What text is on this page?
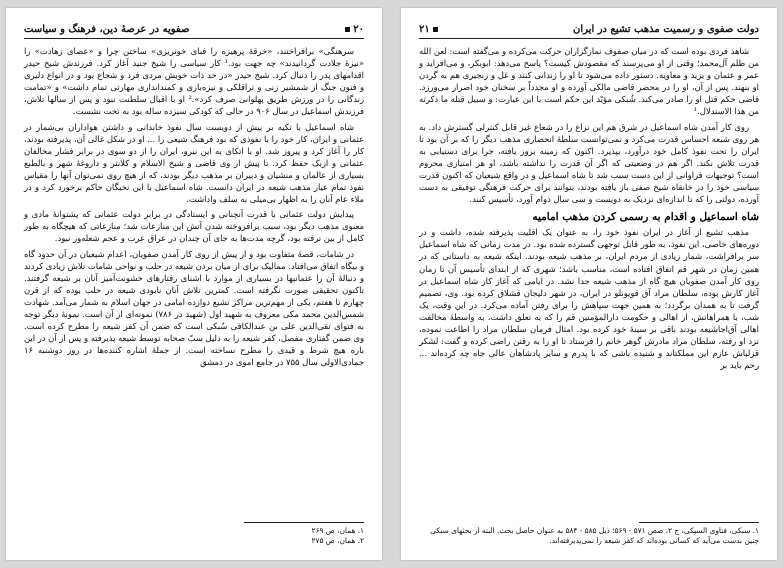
۲۰
صفویه در عرصهٔ دین، فرهنگ و سیاست

سرهنگی» برافراختند، «خرقهٔ پرهیزه را فبای خونریزی» ساختن چرا و «عصای زهادت» را «نیزهٔ جلادت گردانیدند» چه جهت بود.¹ کار سیاسی را شیخ جنید آغاز کرد. فرزندش شیخ حیدر اقدامهای پدر را دنبال کرد. شیخ حیدر «در حد ذات خویش مردی فرد و شجاع بود و در انواع دلیری و فنون جنگ از شمشیر زنی و تراقلکی و نیزه‌بازی و کمندانداری مهارتی تمام داشت» و «تمامت زندگانی را در ورزش طریق پهلوانی صرف کرد».² او با اقبال سلطنت نبود و پس از سالها تلاش، فرزندش اسماعیل در سال ۹۰۶ در حالی که کودکی سیزده ساله بود به تخت نشست.

شاه اسماعیل با تکیه بر بیش از دویست سال نفوذ خاندانی و داشتن هواداران بی‌شمار در عثمانی و ایران، کار خود را با نفوذی که بود فرهنگ شیعی را ... او در شکل غالی آن، پذیرفته بودند، کار را آغاز کرد و پیروز شد. او با اتکای به این نیرو، ایران را از دو سوی در برابر فشار مخالفان عثمانی و ازبک حفظ کرد. تا پیش از وی قاضی و شیخ الاسلام و کلانتر و داروغهٔ شهر و بالطبع بسیاری از عالمان و منشیان و دبیران بر مذهب دیگر بودند، که از هیچ روی نمی‌توان آنها را مقیاس نفوذ تمام عیار مذهب شیعه در ایران دانست. شاه اسماعیل با این نخبگان حاکم برخورد کرد و در ملاء عام آنان را به اظهار بی‌میلی به سلف واداشت.

پیدایش دولت عثمانی با قدرت آنچنانی و ایستادگی در برابر دولت عثمانی که پشتوانهٔ مادی و معنوی مذهب دیگر بود، سبب برافروخته شدن آتش این منازعات شد؛ منازعاتی که هیچگاه به طور کامل از بین نرفته بود، گرچه مدت‌ها به جای آن چندان در عراق عرب و عجم شعله‌ور نبود.

در شامات، قصهٔ متفاوت بود و از پیش از روی کار آمدن صفویان، اعدام شیعیان در آن حدود گاه و بیگاه اتفاق می‌افتاد. ممالیک برای از میان بردن شیعه در حلب و نواحی شامات تلاش زیادی کردند و دنبالهٔ آن را عثمانیها در بسیاری از موارد با اشنای رفتارهای خشونت‌آمیز آنان بر شیعه گرفتند. تاکنون تحقیقی صورت نگرفته است. کمترین تلاش آنان نابودی شیعه در حلب بوده که از قرن چهارم تا هفتم، یکی از مهم‌ترین مراکز تشیع دوازده امامی در جهان اسلام به شمار می‌آمد. شهادت شمس‌الدین محمد مکی معروف به شهید اول (شهید در ۷۸۶) نمونه‌ای از آن است. نمونهٔ دیگر توجه به فتوای تقی‌الدین علی بن عبدالکافی سُبکی است که ضمن آن کفر شیعه را مطرح کرده است. وی ضمن گفتاری مفصل، کفر شیعه را به دلیل سبّ صحابه توسط شیعه پذیرفته و پس از آن در این باره هیچ شرط و قیدی را مطرح نساخته است. از جملهٔ اشاره کننده‌ها در روز دوشنبه ۱۶ جمادی‌الاولی سال ۷۵۵ در جامع اموی در دمشق

۱. همان، ص ۲۶۹

۲. همان، ص ۲۷۵

دولت صفوی و رسمیت مذهب تشیع در ایران
۲۱

شاهد فردی بوده است که در میان صفوف نمازگزاران حرکت می‌کرده و می‌گفته است: لعن الله من ظلم آل‌محمد؛ وقتی از او می‌پرسند که مقصودش کیست؟ پاسخ می‌دهد: ابوبکر، و می‌افزاید و عمر و عثمان و یزید و معاویه. دستور داده می‌شود تا او را زندانی کنند و غل و زنجیری هم به گردن او بنهند. پس از آن، او را در محضر قاضی مالکی آورده و او مجدداً بر سخنان خود اصرار می‌ورزد. قاضی حکم قتل او را صادر می‌کند. شُبکی مؤیّد این حکم است با این عبارت: و سبیل قتله ما ذکرته من هذا الاستدلال.¹

روی کار آمدن شاه اسماعیل در شرق هم این نزاع را در شعاع غیر قابل کنترلی گسترش داد. به هر روی شیعه احساس قدرت می‌کرد و نمی‌توانست سلطهٔ انحصاری مذهب دیگر را که بر آن بود تا ایران را تحت نفوذ کامل خود درآورد، بپذیرد. اکنون که زمینه بروز یافته، جرا برای دستیابی به قدرت تلاش نکند. اگر هم در وضعیتی که اگر آن قدرت را نداشته باشد، او هر امتیازی محروم است؟ توجیهات فراوانی از این دست سبب شد تا شاه اسماعیل و در واقع شیعیان که اکنون قدرت سیاسی خود را در خانقاه شیخ صفی باز یافته بودند، بتوانند برای حرکت فرهنگی توفیقی به دست آورده، دولتی را که تا اندازه‌ای نزدیک به دویست و سی سال دوام آورد، تأسیس کنند.

شاه اسماعیل و اقدام به رسمی کردن مذهب امامیه

مذهب تشیع از آغاز در ایران نفوذ خود را، به عنوان یک اقلیت پذیرفته شده، داشت و در دوره‌های خاصی، این نفوذ، به طور قابل توجهی گسترده شده بود. در مدت زمانی که شاه اسماعیل سر برافراشت، شمار زیادی از مردم ایران، بر مذهب شیعه بودند. اینکه شیعه به داستانی که در همین زمان در شهر قم اتفاق افتاده است، مناسب باشد؛ شهری که از ابتدای تأسیس آن تا زمان روی کار آمدن صفویان هیچ گاه از مذهب شیعه جدا نشد. در ایامی که آغاز کار شاه اسماعیل در آغاز کارش بوده، سلطان مراد آق قویونلو در ایران، در شهر دلیجان قشلاق کرده بود. وی، تصمیم گرفت تا به همدان برگردد؛ به همین جهت سپاهش را برای رفتن آماده می‌کرد. در این وقت، یک شب، با همراهانش، از اهالی و حکومت دارالمؤمنین قم را که به تعلق داشت، به واسطهٔ مخالفت اهالی آق‌اجاشیعه بودند باقی بر سینهٔ خود کرده بود. امثال فرمان سلطان مراد را اطاعت نموده، نزد او رفته، سلطان مراد مادرش گوهر خانم را فرستاد تا او را به رفتن راضی کرده و گفت: لشکر قزلباش عازم این مملکتاند و شنیده باشی که با پدرم و سایر پادشاهان عالی جاه چه کرده‌اند ... رحم باید بر

۱. سبکی، فتاوی السبکی، ج ۲، صص ۵۷۱ - ۵۶۹؛ ذیل ۵۸۵ - ۵۸۴ به عنوان حاصل بحث. البته از بحثهای سبکی چنین بدست می‌آید که کسانی بوده‌اند که کفر شیعه را نمی‌پذیرفته‌اند.
